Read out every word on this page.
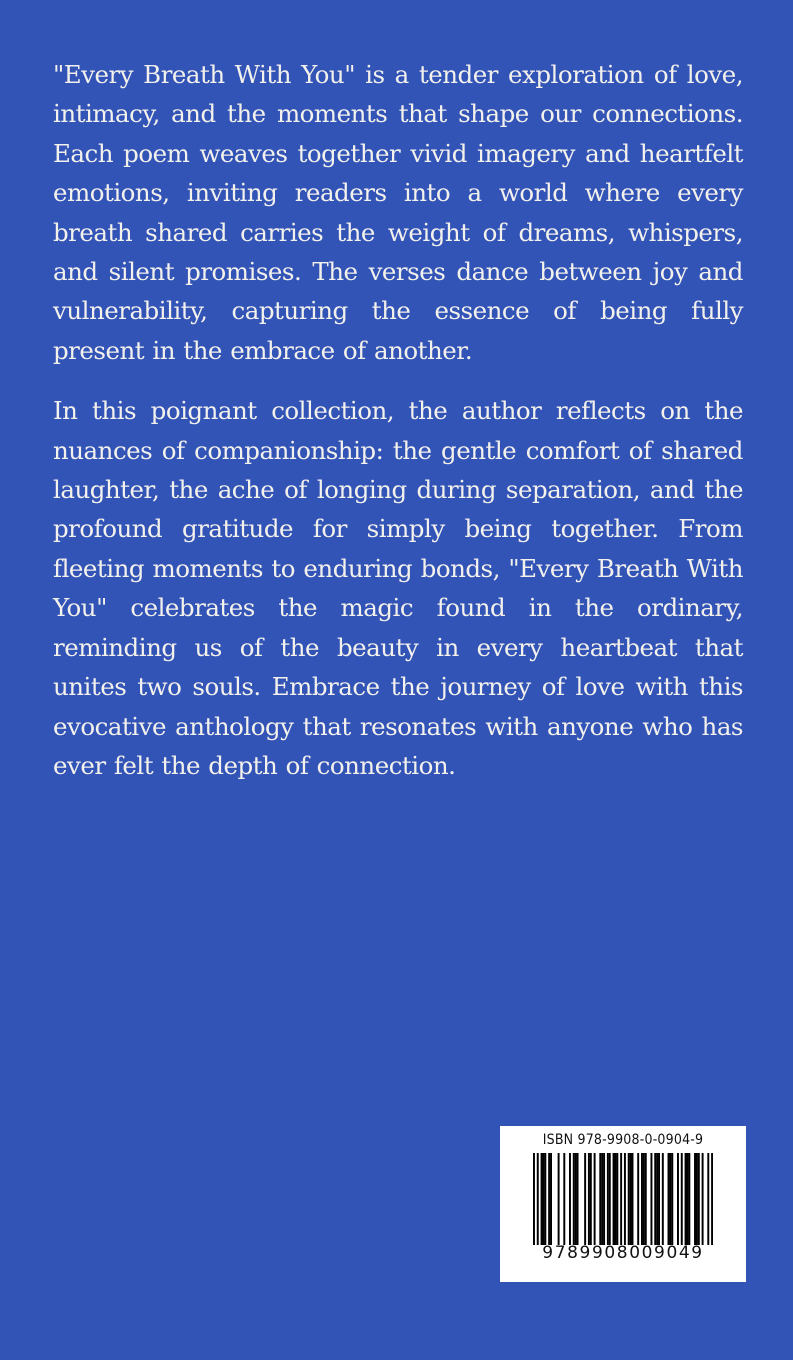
"Every Breath With You" is a tender exploration of love, intimacy, and the moments that shape our connections. Each poem weaves together vivid imagery and heartfelt emotions, inviting readers into a world where every breath shared carries the weight of dreams, whispers, and silent promises. The verses dance between joy and vulnerability, capturing the essence of being fully present in the embrace of another.

In this poignant collection, the author reflects on the nuances of companionship: the gentle comfort of shared laughter, the ache of longing during separation, and the profound gratitude for simply being together. From fleeting moments to enduring bonds, "Every Breath With You" celebrates the magic found in the ordinary, reminding us of the beauty in every heartbeat that unites two souls. Embrace the journey of love with this evocative anthology that resonates with anyone who has ever felt the depth of connection.

ISBN 978-9908-0-0904-9
9789908009049
